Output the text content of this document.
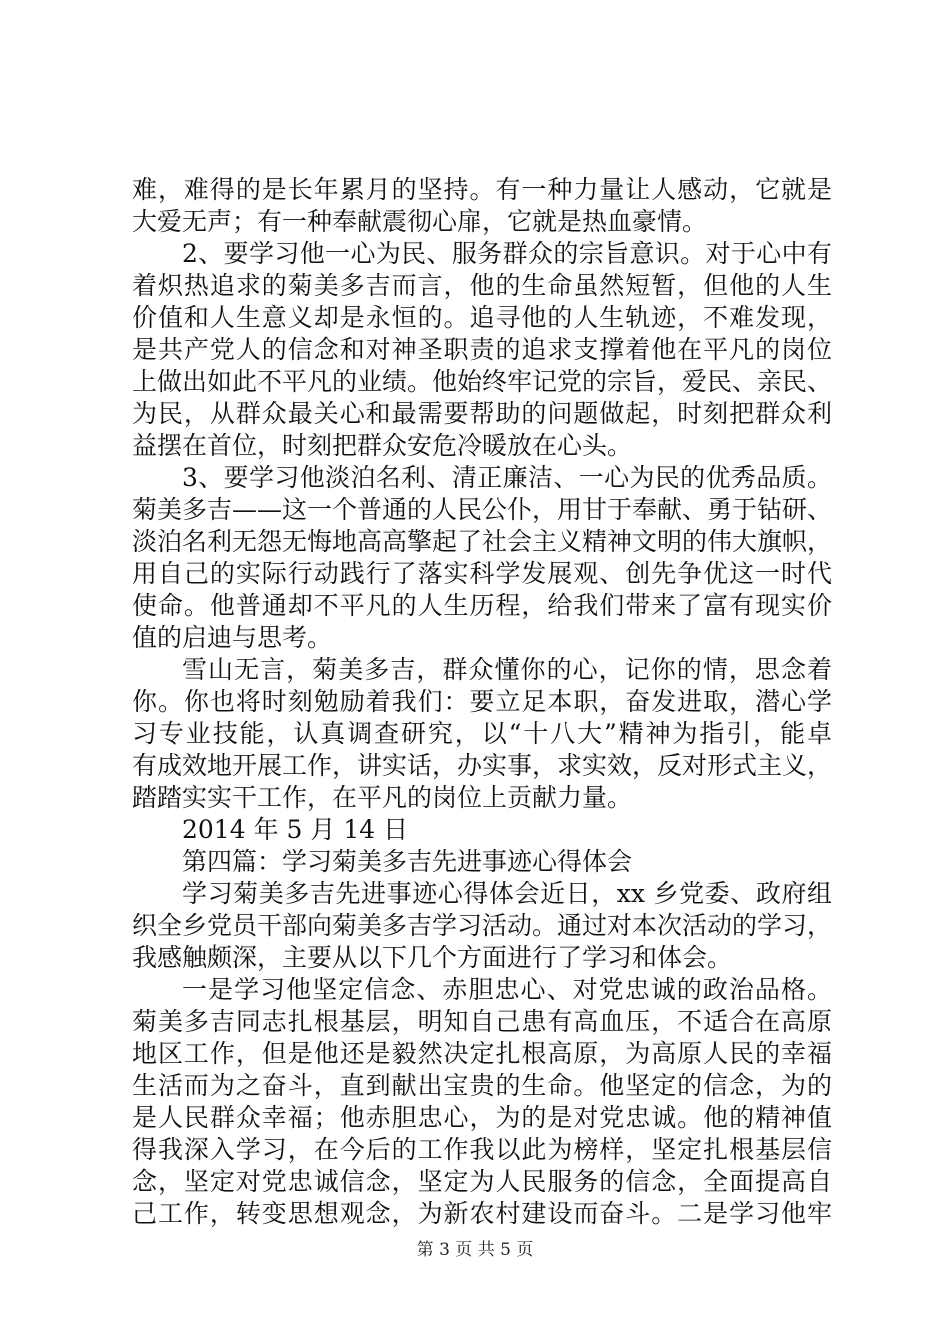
难，难得的是长年累月的坚持。有一种力量让人感动，它就是
大爱无声；有一种奉献震彻心扉，它就是热血豪情。
2、要学习他一心为民、服务群众的宗旨意识。对于心中有
着炽热追求的菊美多吉而言，他的生命虽然短暂，但他的人生
价值和人生意义却是永恒的。追寻他的人生轨迹，不难发现，
是共产党人的信念和对神圣职责的追求支撑着他在平凡的岗位
上做出如此不平凡的业绩。他始终牢记党的宗旨，爱民、亲民、
为民，从群众最关心和最需要帮助的问题做起，时刻把群众利
益摆在首位，时刻把群众安危冷暖放在心头。
3、要学习他淡泊名利、清正廉洁、一心为民的优秀品质。
菊美多吉——这一个普通的人民公仆，用甘于奉献、勇于钻研、
淡泊名利无怨无悔地高高擎起了社会主义精神文明的伟大旗帜，
用自己的实际行动践行了落实科学发展观、创先争优这一时代
使命。他普通却不平凡的人生历程，给我们带来了富有现实价
值的启迪与思考。
雪山无言，菊美多吉，群众懂你的心，记你的情，思念着
你。你也将时刻勉励着我们：要立足本职，奋发进取，潜心学
习专业技能，认真调查研究，以“十八大”精神为指引，能卓
有成效地开展工作，讲实话，办实事，求实效，反对形式主义，
踏踏实实干工作，在平凡的岗位上贡献力量。
2014 年 5 月 14 日
第四篇：学习菊美多吉先进事迹心得体会
学习菊美多吉先进事迹心得体会近日，xx 乡党委、政府组
织全乡党员干部向菊美多吉学习活动。通过对本次活动的学习，
我感触颇深，主要从以下几个方面进行了学习和体会。
一是学习他坚定信念、赤胆忠心、对党忠诚的政治品格。
菊美多吉同志扎根基层，明知自己患有高血压，不适合在高原
地区工作，但是他还是毅然决定扎根高原，为高原人民的幸福
生活而为之奋斗，直到献出宝贵的生命。他坚定的信念，为的
是人民群众幸福；他赤胆忠心，为的是对党忠诚。他的精神值
得我深入学习，在今后的工作我以此为榜样，坚定扎根基层信
念，坚定对党忠诚信念，坚定为人民服务的信念，全面提高自
己工作，转变思想观念，为新农村建设而奋斗。二是学习他牢
第 3 页 共 5 页
